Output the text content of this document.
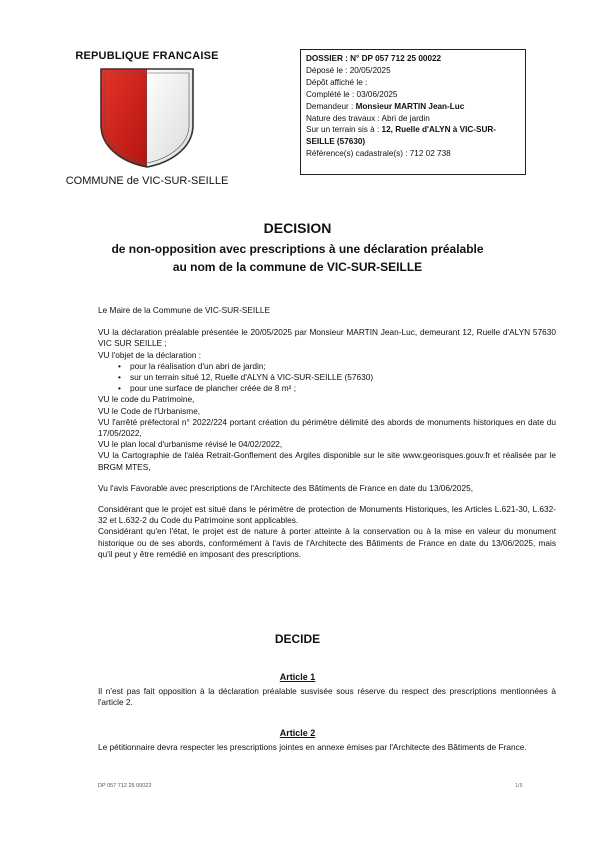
REPUBLIQUE FRANCAISE
COMMUNE de VIC-SUR-SEILLE
DOSSIER : N° DP 057 712 25 00022
Déposé le : 20/05/2025
Dépôt affiché le :
Complété le : 03/06/2025
Demandeur : Monsieur MARTIN Jean-Luc
Nature des travaux : Abri de jardin
Sur un terrain sis à : 12, Ruelle d'ALYN à VIC-SUR-SEILLE (57630)
Référence(s) cadastrale(s) : 712 02 738
DECISION
de non-opposition avec prescriptions à une déclaration préalable
au nom de la commune de VIC-SUR-SEILLE

Le Maire de la Commune de VIC-SUR-SEILLE

VU la déclaration préalable présentée le 20/05/2025 par Monsieur MARTIN Jean-Luc, demeurant 12, Ruelle d'ALYN 57630 VIC SUR SEILLE ;

VU l'objet de la déclaration :

• pour la réalisation d'un abri de jardin;
• sur un terrain situé 12, Ruelle d'ALYN à VIC-SUR-SEILLE (57630)
• pour une surface de plancher créée de 8 m² ;

VU le code du Patrimoine,

VU le Code de l'Urbanisme,

VU l'arrêté préfectoral n° 2022/224 portant création du périmètre délimité des abords de monuments historiques en date du 17/05/2022,

VU le plan local d'urbanisme révisé le 04/02/2022,

VU la Cartographie de l'aléa Retrait-Gonflement des Argiles disponible sur le site www.georisques.gouv.fr et réalisée par le BRGM MTES,

Vu l'avis Favorable avec prescriptions de l'Architecte des Bâtiments de France en date du 13/06/2025,

Considérant que le projet est situé dans le périmètre de protection de Monuments Historiques, les Articles L.621-30, L.632-32 et L.632-2 du Code du Patrimoine sont applicables.

Considérant qu'en l'état, le projet est de nature à porter atteinte à la conservation ou à la mise en valeur du monument historique ou de ses abords, conformément à l'avis de l'Architecte des Bâtiments de France en date du 13/06/2025, mais qu'il peut y être remédié en imposant des prescriptions.

DECIDE
Article 1
Il n'est pas fait opposition à la déclaration préalable susvisée sous réserve du respect des prescriptions mentionnées à l'article 2.
Article 2
Le pétitionnaire devra respecter les prescriptions jointes en annexe émises par l'Architecte des Bâtiments de France.
DP 057 712 25 00022	1/5
